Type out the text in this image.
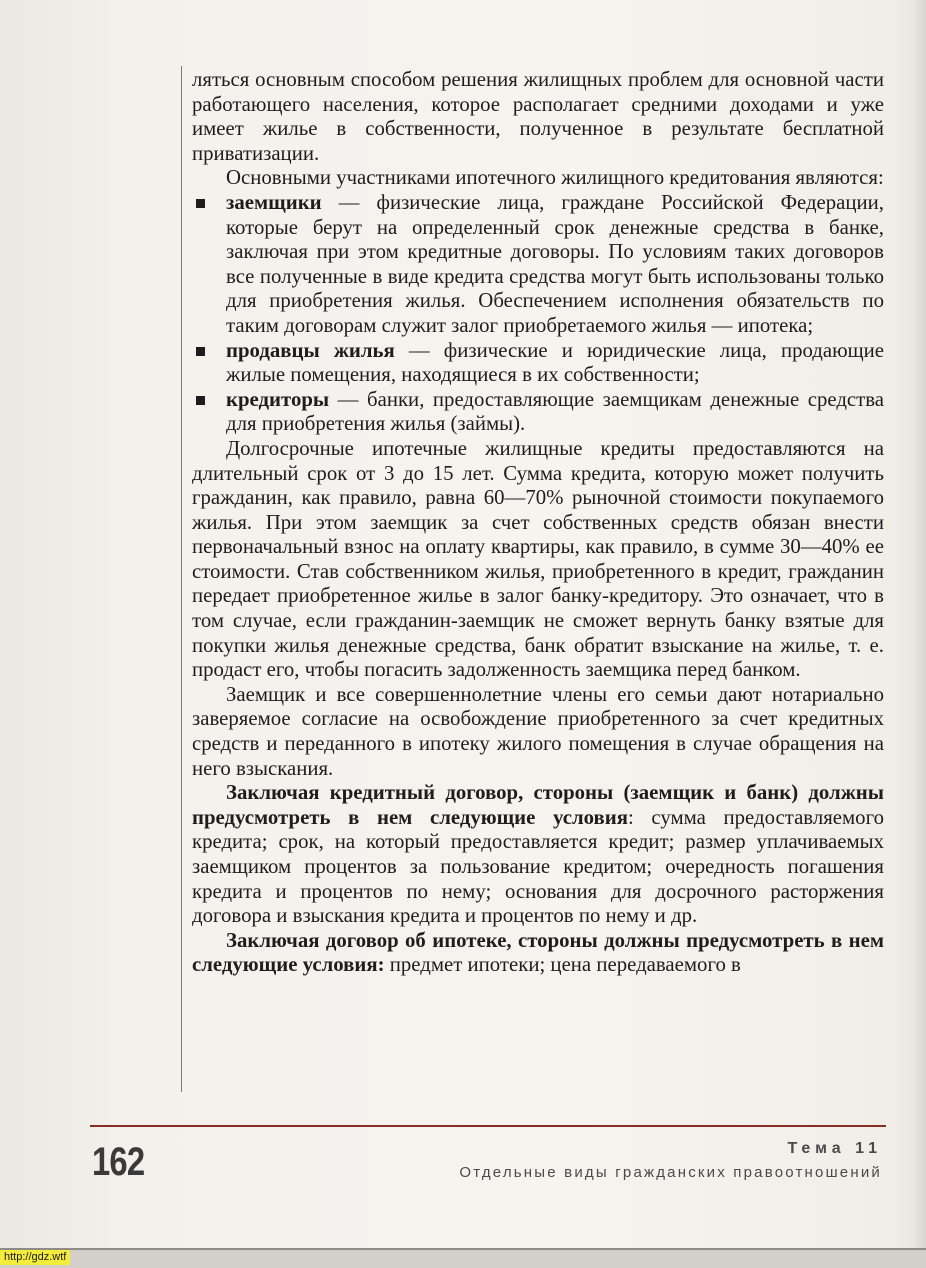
ляться основным способом решения жилищных проблем для основной части работающего населения, которое располагает средними доходами и уже имеет жилье в собственности, полученное в результате бесплатной приватизации.

Основными участниками ипотечного жилищного кредитования являются:

заемщики — физические лица, граждане Российской Федерации, которые берут на определенный срок денежные средства в банке, заключая при этом кредитные договоры. По условиям таких договоров все полученные в виде кредита средства могут быть использованы только для приобретения жилья. Обеспечением исполнения обязательств по таким договорам служит залог приобретаемого жилья — ипотека;
продавцы жилья — физические и юридические лица, продающие жилые помещения, находящиеся в их собственности;
кредиторы — банки, предоставляющие заемщикам денежные средства для приобретения жилья (займы).

Долгосрочные ипотечные жилищные кредиты предоставляются на длительный срок от 3 до 15 лет. Сумма кредита, которую может получить гражданин, как правило, равна 60—70% рыночной стоимости покупаемого жилья. При этом заемщик за счет собственных средств обязан внести первоначальный взнос на оплату квартиры, как правило, в сумме 30—40% ее стоимости. Став собственником жилья, приобретенного в кредит, гражданин передает приобретенное жилье в залог банку-кредитору. Это означает, что в том случае, если гражданин-заемщик не сможет вернуть банку взятые для покупки жилья денежные средства, банк обратит взыскание на жилье, т. е. продаст его, чтобы погасить задолженность заемщика перед банком.

Заемщик и все совершеннолетние члены его семьи дают нотариально заверяемое согласие на освобождение приобретенного за счет кредитных средств и переданного в ипотеку жилого помещения в случае обращения на него взыскания.

Заключая кредитный договор, стороны (заемщик и банк) должны предусмотреть в нем следующие условия: сумма предоставляемого кредита; срок, на который предоставляется кредит; размер уплачиваемых заемщиком процентов за пользование кредитом; очередность погашения кредита и процентов по нему; основания для досрочного расторжения договора и взыскания кредита и процентов по нему и др.

Заключая договор об ипотеке, стороны должны предусмотреть в нем следующие условия: предмет ипотеки; цена передаваемого в

162	Тема 11
Отдельные виды гражданских правоотношений
http://gdz.wtf
